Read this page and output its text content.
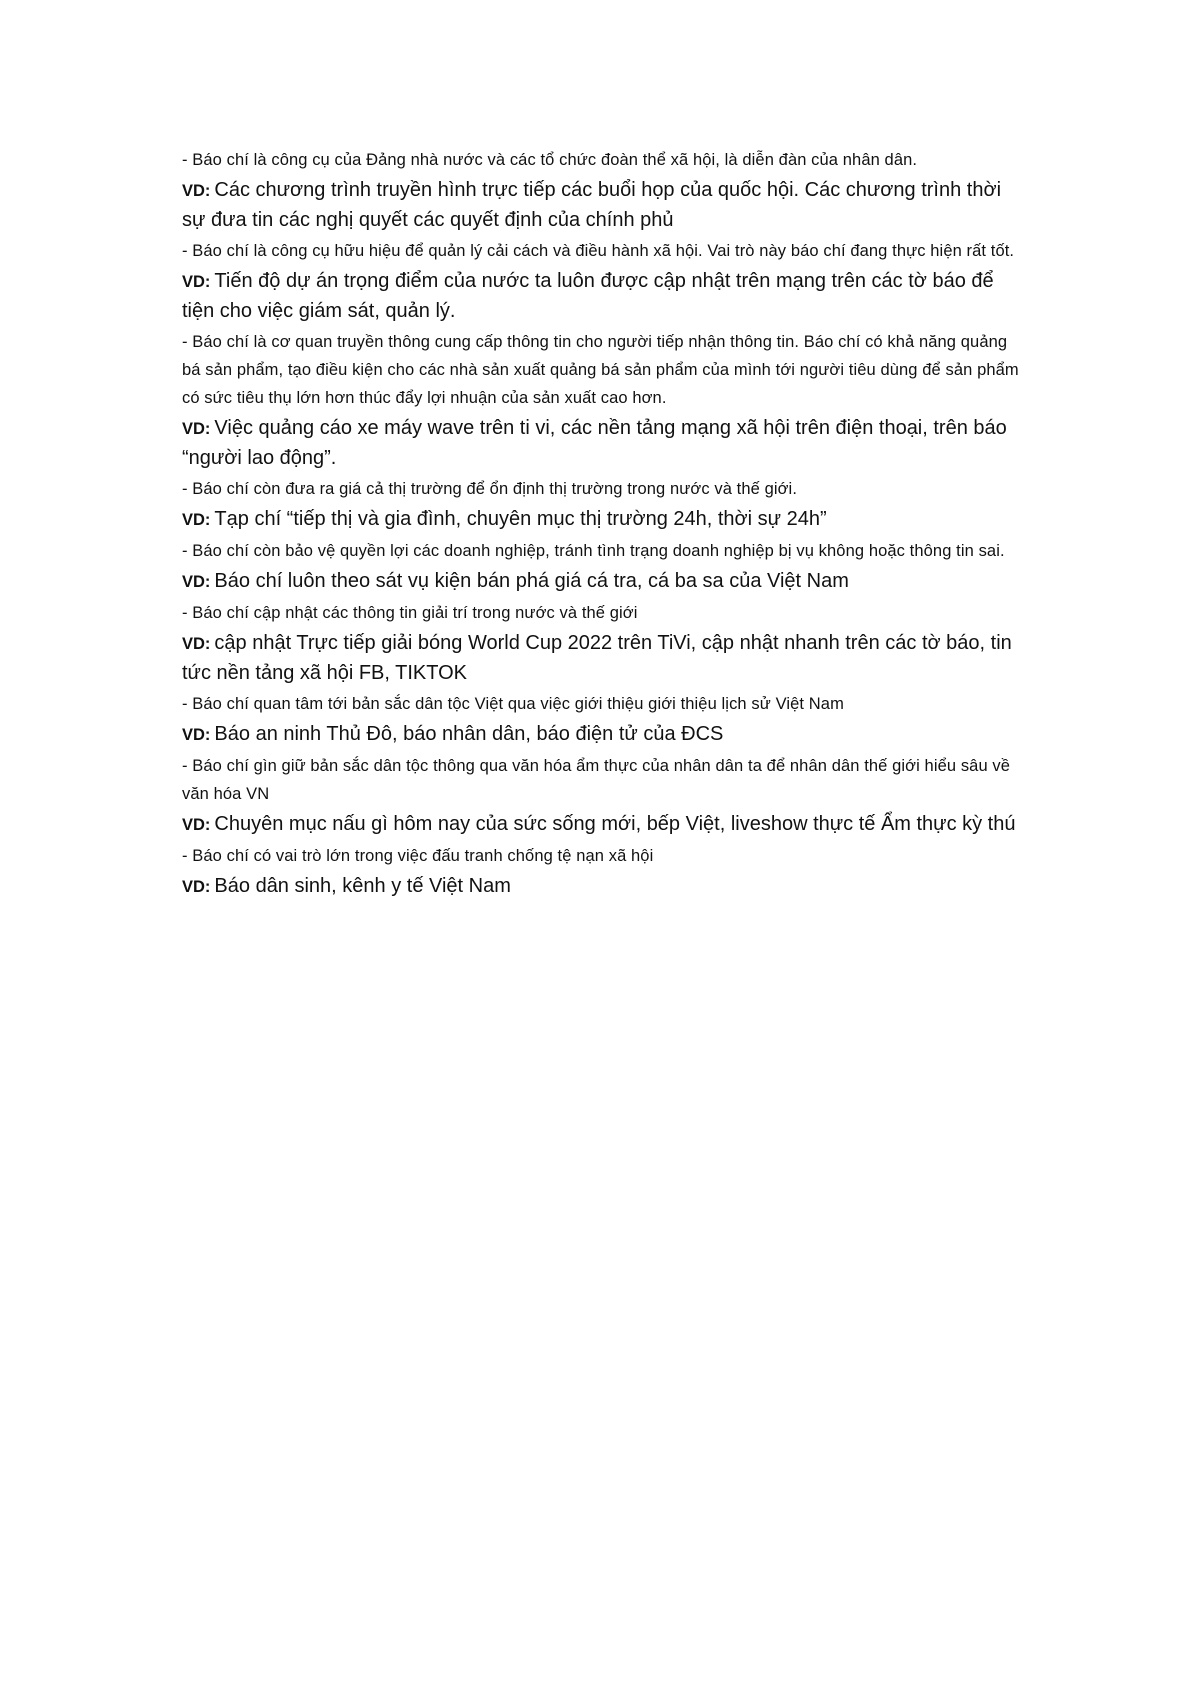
- Báo chí là công cụ của Đảng nhà nước và các tổ chức đoàn thể xã hội, là diễn đàn của nhân dân.

VD: Các chương trình truyền hình trực tiếp các buổi họp của quốc hội. Các chương trình thời sự đưa tin các nghị quyết các quyết định của chính phủ

- Báo chí là công cụ hữu hiệu để quản lý cải cách và điều hành xã hội. Vai trò này báo chí đang thực hiện rất tốt.

VD: Tiến độ dự án trọng điểm của nước ta luôn được cập nhật trên mạng trên các tờ báo để tiện cho việc giám sát, quản lý.

- Báo chí là cơ quan truyền thông cung cấp thông tin cho người tiếp nhận thông tin. Báo chí có khả năng quảng bá sản phẩm, tạo điều kiện cho các nhà sản xuất quảng bá sản phẩm của mình tới người tiêu dùng để sản phẩm có sức tiêu thụ lớn hơn thúc đẩy lợi nhuận của sản xuất cao hơn.

VD: Việc quảng cáo xe máy wave trên ti vi, các nền tảng mạng xã hội trên điện thoại, trên báo “người lao động”.

- Báo chí còn đưa ra giá cả thị trường để ổn định thị trường trong nước và thế giới.

VD: Tạp chí “tiếp thị và gia đình, chuyên mục thị trường 24h, thời sự 24h”

- Báo chí còn bảo vệ quyền lợi các doanh nghiệp, tránh tình trạng doanh nghiệp bị vụ không hoặc thông tin sai.

VD: Báo chí luôn theo sát vụ kiện bán phá giá cá tra, cá ba sa của Việt Nam

- Báo chí cập nhật các thông tin giải trí trong nước và thế giới

VD: cập nhật Trực tiếp giải bóng World Cup 2022 trên TiVi, cập nhật nhanh trên các tờ báo, tin tức nền tảng xã hội FB, TIKTOK

- Báo chí quan tâm tới bản sắc dân tộc Việt qua việc giới thiệu giới thiệu lịch sử Việt Nam

VD: Báo an ninh Thủ Đô, báo nhân dân, báo điện tử của ĐCS

- Báo chí gìn giữ bản sắc dân tộc thông qua văn hóa ẩm thực của nhân dân ta để nhân dân thế giới hiểu sâu về văn hóa VN

VD: Chuyên mục nấu gì hôm nay của sức sống mới, bếp Việt, liveshow thực tế Ẩm thực kỳ thú

- Báo chí có vai trò lớn trong việc đấu tranh chống tệ nạn xã hội

VD: Báo dân sinh, kênh y tế Việt Nam
